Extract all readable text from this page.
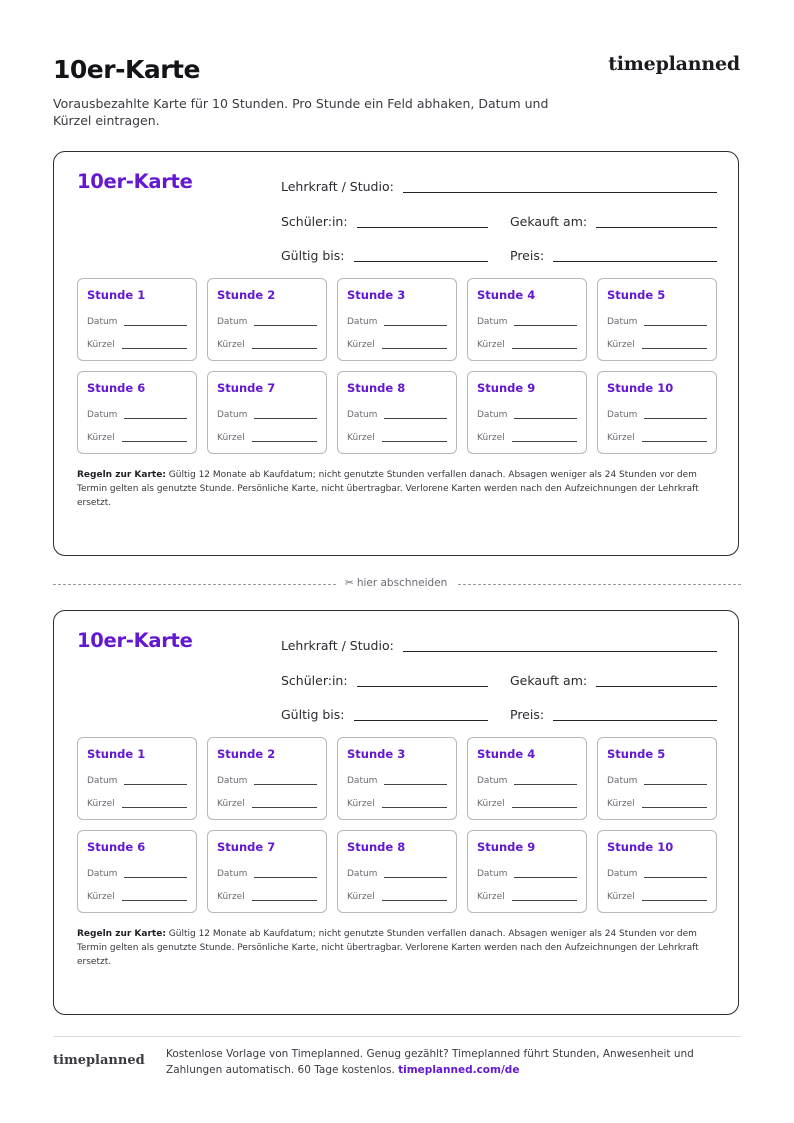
10er-Karte	timeplanned

Vorausbezahlte Karte für 10 Stunden. Pro Stunde ein Feld abhaken, Datum und Kürzel eintragen.

10er-Karte	Lehrkraft / Studio:
Schüler:in:	Gekauft am:
Gültig bis:	Preis:
Stunde 1
Datum
Kürzel
Stunde 2
Datum
Kürzel
Stunde 3
Datum
Kürzel
Stunde 4
Datum
Kürzel
Stunde 5
Datum
Kürzel
Stunde 6
Datum
Kürzel
Stunde 7
Datum
Kürzel
Stunde 8
Datum
Kürzel
Stunde 9
Datum
Kürzel
Stunde 10
Datum
Kürzel

Regeln zur Karte: Gültig 12 Monate ab Kaufdatum; nicht genutzte Stunden verfallen danach. Absagen weniger als 24 Stunden vor dem Termin gelten als genutzte Stunde. Persönliche Karte, nicht übertragbar. Verlorene Karten werden nach den Aufzeichnungen der Lehrkraft ersetzt.

10er-Karte	Lehrkraft / Studio:
Schüler:in:	Gekauft am:
Gültig bis:	Preis:
Stunde 1
Datum
Kürzel
Stunde 2
Datum
Kürzel
Stunde 3
Datum
Kürzel
Stunde 4
Datum
Kürzel
Stunde 5
Datum
Kürzel
Stunde 6
Datum
Kürzel
Stunde 7
Datum
Kürzel
Stunde 8
Datum
Kürzel
Stunde 9
Datum
Kürzel
Stunde 10
Datum
Kürzel

Regeln zur Karte: Gültig 12 Monate ab Kaufdatum; nicht genutzte Stunden verfallen danach. Absagen weniger als 24 Stunden vor dem Termin gelten als genutzte Stunde. Persönliche Karte, nicht übertragbar. Verlorene Karten werden nach den Aufzeichnungen der Lehrkraft ersetzt.

✂ hier abschneiden
timeplanned Kostenlose Vorlage von Timeplanned. Genug gezählt? Timeplanned führt Stunden, Anwesenheit und Zahlungen automatisch. 60 Tage kostenlos. timeplanned.com/de
